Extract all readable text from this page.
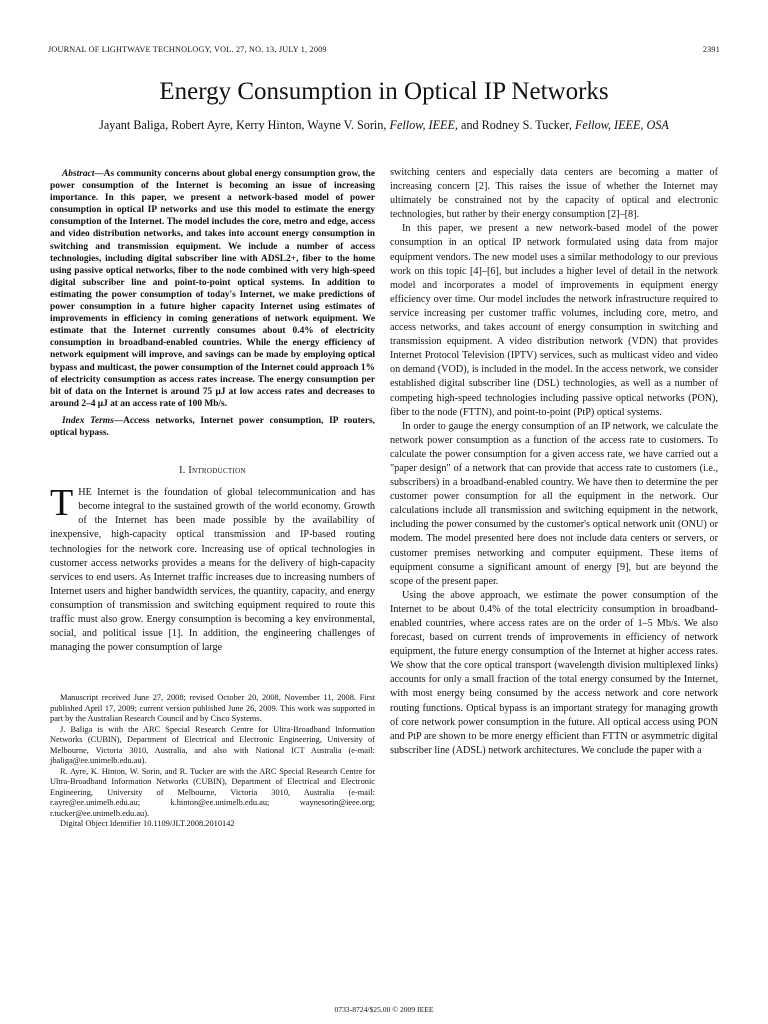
JOURNAL OF LIGHTWAVE TECHNOLOGY, VOL. 27, NO. 13, JULY 1, 2009	2391
Energy Consumption in Optical IP Networks
Jayant Baliga, Robert Ayre, Kerry Hinton, Wayne V. Sorin, Fellow, IEEE, and Rodney S. Tucker, Fellow, IEEE, OSA

Abstract—As community concerns about global energy consumption grow, the power consumption of the Internet is becoming an issue of increasing importance. In this paper, we present a network-based model of power consumption in optical IP networks and use this model to estimate the energy consumption of the Internet. The model includes the core, metro and edge, access and video distribution networks, and takes into account energy consumption in switching and transmission equipment. We include a number of access technologies, including digital subscriber line with ADSL2+, fiber to the home using passive optical networks, fiber to the node combined with very high-speed digital subscriber line and point-to-point optical systems. In addition to estimating the power consumption of today's Internet, we make predictions of power consumption in a future higher capacity Internet using estimates of improvements in efficiency in coming generations of network equipment. We estimate that the Internet currently consumes about 0.4% of electricity consumption in broadband-enabled countries. While the energy efficiency of network equipment will improve, and savings can be made by employing optical bypass and multicast, the power consumption of the Internet could approach 1% of electricity consumption as access rates increase. The energy consumption per bit of data on the Internet is around 75 μJ at low access rates and decreases to around 2–4 μJ at an access rate of 100 Mb/s.

Index Terms—Access networks, Internet power consumption, IP routers, optical bypass.

I. Introduction

THE Internet is the foundation of global telecommunication and has become integral to the sustained growth of the world economy. Growth of the Internet has been made possible by the availability of inexpensive, high-capacity optical transmission and IP-based routing technologies for the network core. Increasing use of optical technologies in customer access networks provides a means for the delivery of high-capacity services to end users. As Internet traffic increases due to increasing numbers of Internet users and higher bandwidth services, the quantity, capacity, and energy consumption of transmission and switching equipment required to route this traffic must also grow. Energy consumption is becoming a key environmental, social, and political issue [1]. In addition, the engineering challenges of managing the power consumption of large

Manuscript received June 27, 2008; revised October 20, 2008, November 11, 2008. First published April 17, 2009; current version published June 26, 2009. This work was supported in part by the Australian Research Council and by Cisco Systems.

J. Baliga is with the ARC Special Research Centre for Ultra-Broadband Information Networks (CUBIN), Department of Electrical and Electronic Engineering, University of Melbourne, Victoria 3010, Australia, and also with National ICT Australia (e-mail: jbaliga@ee.unimelb.edu.au).

R. Ayre, K. Hinton, W. Sorin, and R. Tucker are with the ARC Special Research Centre for Ultra-Broadband Information Networks (CUBIN), Department of Electrical and Electronic Engineering, University of Melbourne, Victoria 3010, Australia (e-mail: r.ayre@ee.unimelb.edu.au; k.hinton@ee.unimelb.edu.au; waynesorin@ieee.org; r.tucker@ee.unimelb.edu.au).

Digital Object Identifier 10.1109/JLT.2008.2010142

switching centers and especially data centers are becoming a matter of increasing concern [2]. This raises the issue of whether the Internet may ultimately be constrained not by the capacity of optical and electronic technologies, but rather by their energy consumption [2]–[8].

In this paper, we present a new network-based model of the power consumption in an optical IP network formulated using data from major equipment vendors. The new model uses a similar methodology to our previous work on this topic [4]–[6], but includes a higher level of detail in the network model and incorporates a model of improvements in equipment energy efficiency over time. Our model includes the network infrastructure required to service increasing per customer traffic volumes, including core, metro, and access networks, and takes account of energy consumption in switching and transmission equipment. A video distribution network (VDN) that provides Internet Protocol Television (IPTV) services, such as multicast video and video on demand (VOD), is included in the model. In the access network, we consider established digital subscriber line (DSL) technologies, as well as a number of competing high-speed technologies including passive optical networks (PON), fiber to the node (FTTN), and point-to-point (PtP) optical systems.

In order to gauge the energy consumption of an IP network, we calculate the network power consumption as a function of the access rate to customers. To calculate the power consumption for a given access rate, we have carried out a "paper design" of a network that can provide that access rate to customers (i.e., subscribers) in a broadband-enabled country. We have then to determine the per customer power consumption for all the equipment in the network. Our calculations include all transmission and switching equipment in the network, including the power consumed by the customer's optical network unit (ONU) or modem. The model presented here does not include data centers or servers, or customer premises networking and computer equipment. These items of equipment consume a significant amount of energy [9], but are beyond the scope of the present paper.

Using the above approach, we estimate the power consumption of the Internet to be about 0.4% of the total electricity consumption in broadband-enabled countries, where access rates are on the order of 1–5 Mb/s. We also forecast, based on current trends of improvements in efficiency of network equipment, the future energy consumption of the Internet at higher access rates. We show that the core optical transport (wavelength division multiplexed links) accounts for only a small fraction of the total energy consumed by the Internet, with most energy being consumed by the access network and core network routing functions. Optical bypass is an important strategy for managing growth of core network power consumption in the future. All optical access using PON and PtP are shown to be more energy efficient than FTTN or asymmetric digital subscriber line (ADSL) network architectures. We conclude the paper with a

0733-8724/$25.00 © 2009 IEEE
